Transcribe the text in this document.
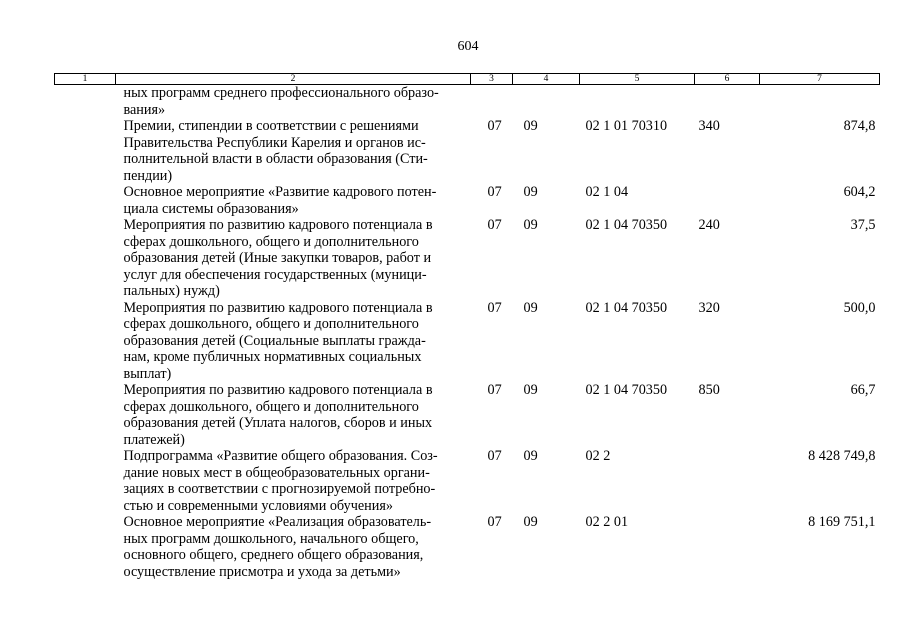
604
1	2	3	4	5	6	7
	ных программ среднего профессионального образо-
вания»					
	Премии, стипендии в соответствии с решениями
Правительства Республики Карелия и органов ис-
полнительной власти в области образования (Сти-
пендии)	07	09	02 1 01 70310	340	874,8
	Основное мероприятие «Развитие кадрового потен-
циала системы образования»	07	09	02 1 04		604,2
	Мероприятия по развитию кадрового потенциала в
сферах дошкольного, общего и дополнительного
образования детей (Иные закупки товаров, работ и
услуг для обеспечения государственных (муници-
пальных) нужд)	07	09	02 1 04 70350	240	37,5
	Мероприятия по развитию кадрового потенциала в
сферах дошкольного, общего и дополнительного
образования детей (Социальные выплаты гражда-
нам, кроме публичных нормативных социальных
выплат)	07	09	02 1 04 70350	320	500,0
	Мероприятия по развитию кадрового потенциала в
сферах дошкольного, общего и дополнительного
образования детей (Уплата налогов, сборов и иных
платежей)	07	09	02 1 04 70350	850	66,7
	Подпрограмма «Развитие общего образования. Соз-
дание новых мест в общеобразовательных органи-
зациях в соответствии с прогнозируемой потребно-
стью и современными условиями обучения»	07	09	02 2		8 428 749,8
	Основное мероприятие «Реализация образователь-
ных программ дошкольного, начального общего,
основного общего, среднего общего образования,
осуществление присмотра и ухода за детьми»	07	09	02 2 01		8 169 751,1
